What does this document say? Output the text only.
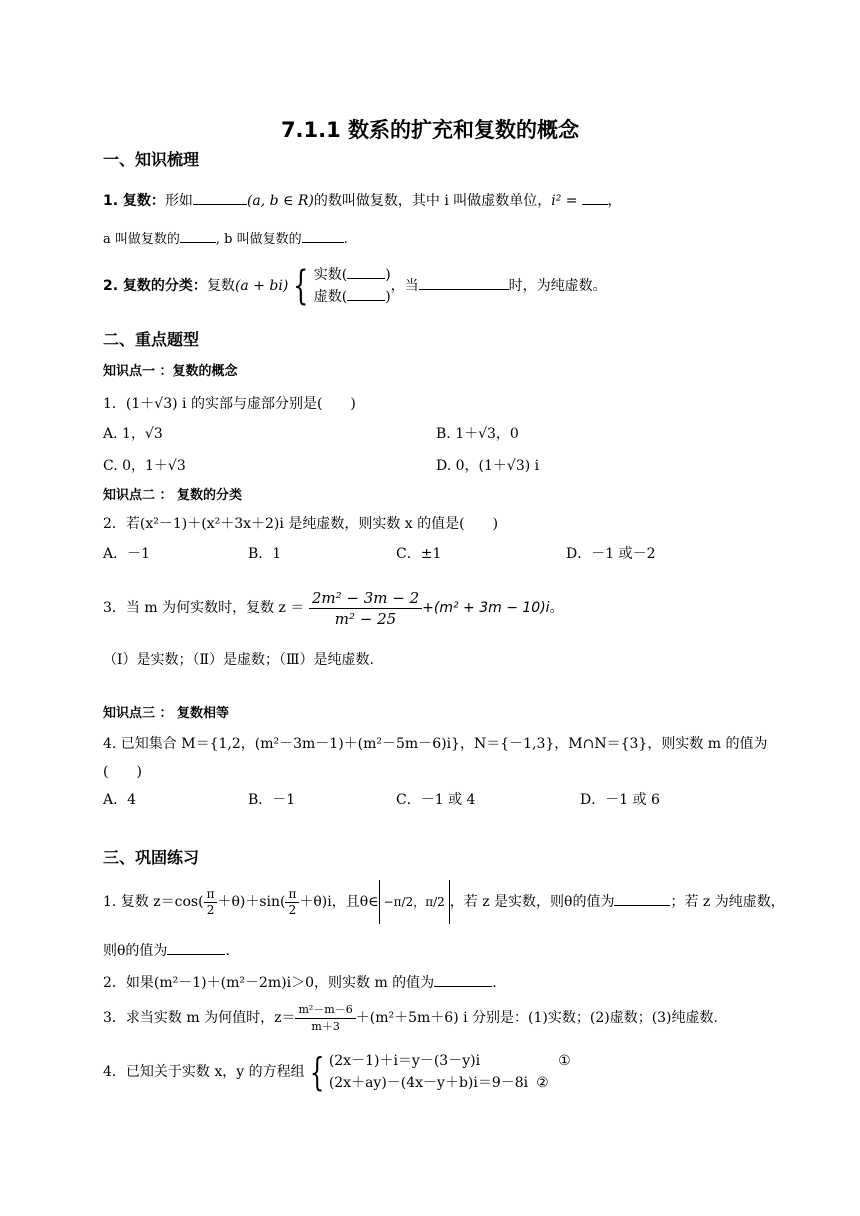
7.1.1 数系的扩充和复数的概念
一、知识梳理
1. 复数：形如	(a, b ∈ R)的数叫做复数，其中 i 叫做虚数单位，i² = ，
a 叫做复数的	, b 叫做复数的	.
2. 复数的分类：复数(a + bi) { 实数(	)
虚数(	)
，当	时，为纯虚数。
二、重点题型
知识点一 ：复数的概念
1．(1＋√3) i 的实部与虚部分别是(　　)
A. 1，√3	B. 1＋√3，0
C. 0，1＋√3	D. 0，(1＋√3) i
知识点二 ： 复数的分类
2．若(x²－1)＋(x²＋3x＋2)i 是纯虚数，则实数 x 的值是(　　)
A．－1	B．1	C．±1	D．－1 或－2
3．当 m 为何实数时，复数 $z = \frac{\text{2m² − 3m − 2}}{\text{m² − 25}} +(m^2 + 3m - 10)i$。
（Ⅰ）是实数；（Ⅱ）是虚数；（Ⅲ）是纯虚数.
知识点三 ： 复数相等
4. 已知集合 M＝{1,2，(m²－3m－1)＋(m²－5m－6)i}，N＝{－1,3}，M∩N＝{3}，则实数 m 的值为
(　　)
A．4	B．－1	C．－1 或 4	D．－1 或 6
三、巩固练习
1. 复数 $z=\cos( \frac{\pi}{2} +\theta)+\sin( \frac{\pi}{2} +\theta)i$，且θ∈ −π/2，π/2 ，若 z 是实数，则θ的值为	；若 z 为纯虚数，
则θ的值为	.
2．如果(m²－1)＋(m²－2m)i＞0，则实数 m 的值为	.
3．求当实数 m 为何值时，$z= \frac{\text{m²－m－6}}{m+3} +(m^2+5m+6)$ i 分别是：(1)实数；(2)虚数；(3)纯虚数.
4．已知关于实数 x，y 的方程组 { (2x－1)＋i＝y－(3－y)i	①
(2x＋ay)－(4x－y＋b)i＝9－8i ②
